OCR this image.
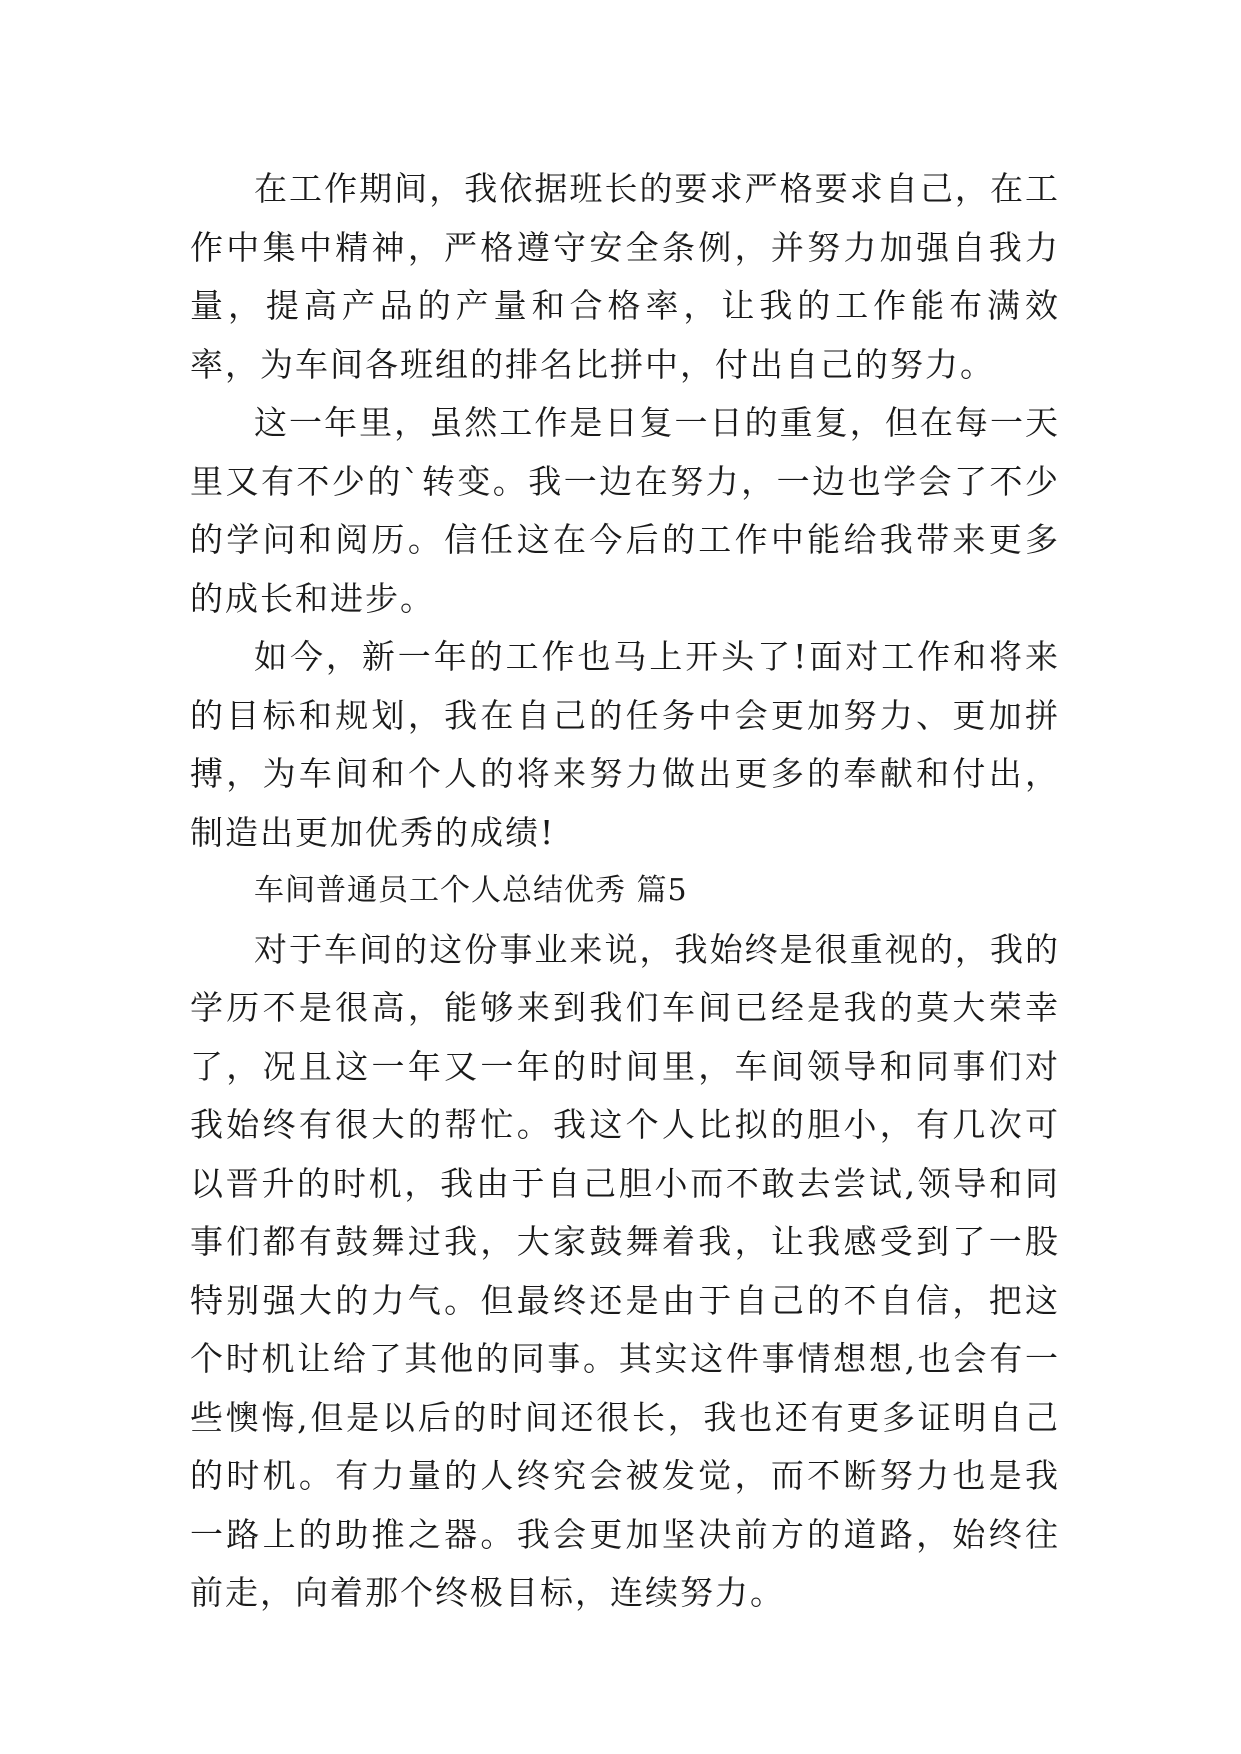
在工作期间，我依据班长的要求严格要求自己，在工作中集中精神，严格遵守安全条例，并努力加强自我力量，提高产品的产量和合格率，让我的工作能布满效率，为车间各班组的排名比拼中，付出自己的努力。

这一年里，虽然工作是日复一日的重复，但在每一天里又有不少的`转变。我一边在努力，一边也学会了不少的学问和阅历。信任这在今后的工作中能给我带来更多的成长和进步。

如今，新一年的工作也马上开头了!面对工作和将来的目标和规划，我在自己的任务中会更加努力、更加拼搏，为车间和个人的将来努力做出更多的奉献和付出，制造出更加优秀的成绩!

车间普通员工个人总结优秀 篇5

对于车间的这份事业来说，我始终是很重视的，我的学历不是很高，能够来到我们车间已经是我的莫大荣幸了，况且这一年又一年的时间里，车间领导和同事们对我始终有很大的帮忙。我这个人比拟的胆小，有几次可以晋升的时机，我由于自己胆小而不敢去尝试,领导和同事们都有鼓舞过我，大家鼓舞着我，让我感受到了一股特别强大的力气。但最终还是由于自己的不自信，把这个时机让给了其他的同事。其实这件事情想想,也会有一些懊悔,但是以后的时间还很长，我也还有更多证明自己的时机。有力量的人终究会被发觉，而不断努力也是我一路上的助推之器。我会更加坚决前方的道路，始终往前走，向着那个终极目标，连续努力。
